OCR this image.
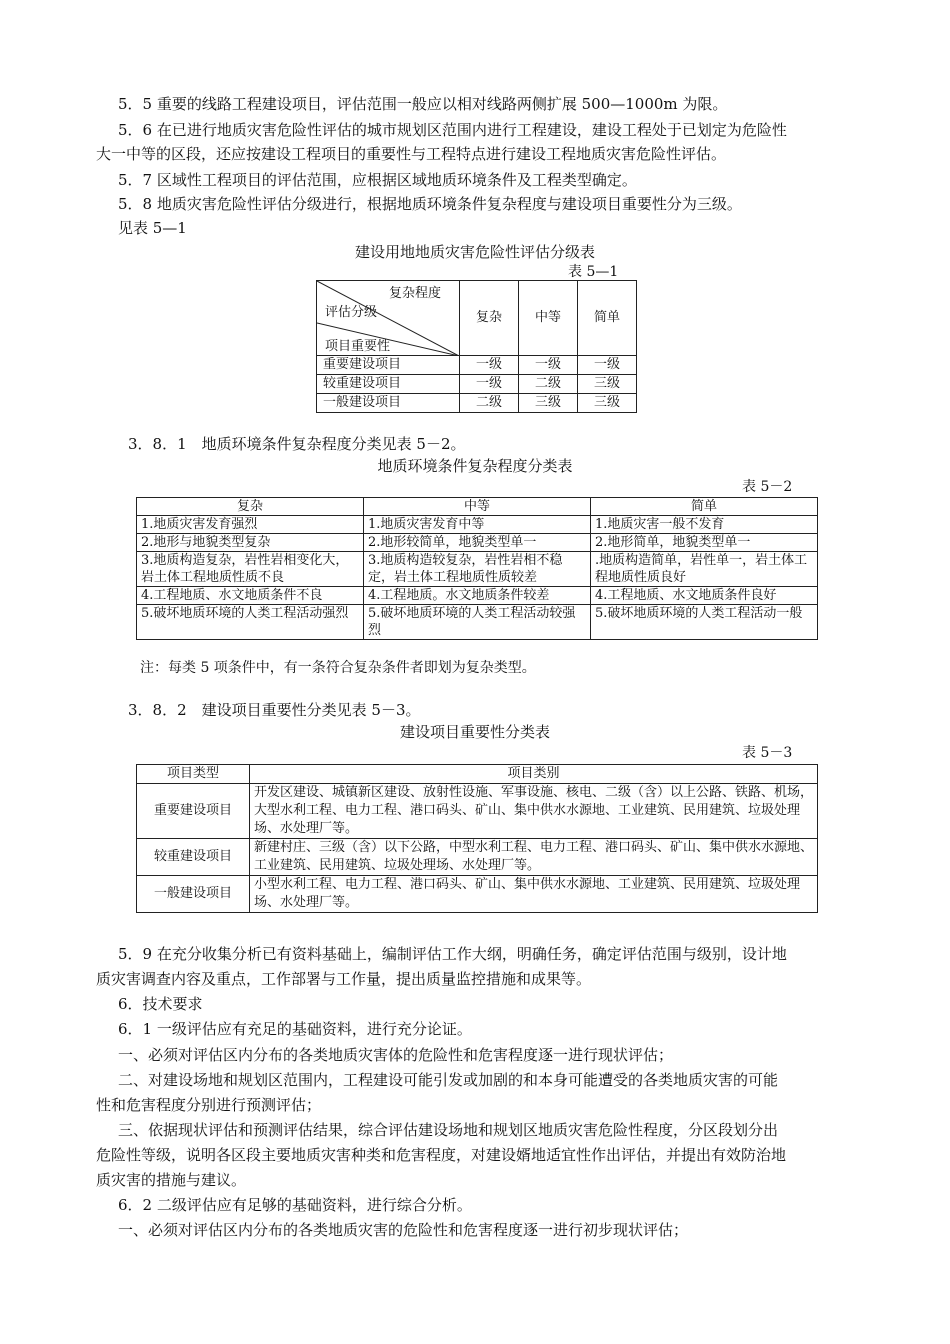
5．5 重要的线路工程建设项目，评估范围一般应以相对线路两侧扩展 500—1000m 为限。
5．6 在已进行地质灾害危险性评估的城市规划区范围内进行工程建设，建设工程处于已划定为危险性
大一中等的区段，还应按建设工程项目的重要性与工程特点进行建设工程地质灾害危险性评估。
5．7 区域性工程项目的评估范围，应根据区域地质环境条件及工程类型确定。
5．8 地质灾害危险性评估分级进行，根据地质环境条件复杂程度与建设项目重要性分为三级。
见表 5—1
建设用地地质灾害危险性评估分级表
表 5—1
复杂程度
评估分级
项目重要性	复杂	中等	简单
重要建设项目	一级	一级	一级
较重建设项目	一级	二级	三级
一般建设项目	二级	三级	三级
3．8．1　地质环境条件复杂程度分类见表 5－2。
地质环境条件复杂程度分类表
表 5－2
复杂	中等	简单
1.地质灾害发育强烈	1.地质灾害发育中等	1.地质灾害一般不发育
2.地形与地貌类型复杂	2.地形较简单，地貌类型单一	2.地形简单，地貌类型单一
3.地质构造复杂，岩性岩相变化大，岩土体工程地质性质不良	3.地质构造较复杂，岩性岩相不稳定，岩土体工程地质性质较差	.地质构造简单，岩性单一，岩土体工程地质性质良好
4.工程地质、水文地质条件不良	4.工程地质。水文地质条件较差	4.工程地质、水文地质条件良好
5.破坏地质环境的人类工程活动强烈	5.破坏地质环境的人类工程活动较强烈	5.破坏地质环境的人类工程活动一般
注：每类 5 项条件中，有一条符合复杂条件者即划为复杂类型。
3．8．2　建设项目重要性分类见表 5－3。
建设项目重要性分类表
表 5－3
项目类型	项目类别
重要建设项目	开发区建设、城镇新区建设、放射性设施、军事设施、核电、二级（含）以上公路、铁路、机场，大型水利工程、电力工程、港口码头、矿山、集中供水水源地、工业建筑、民用建筑、垃圾处理场、水处理厂等。
较重建设项目	新建村庄、三级（含）以下公路，中型水利工程、电力工程、港口码头、矿山、集中供水水源地、工业建筑、民用建筑、垃圾处理场、水处理厂等。
一般建设项目	小型水利工程、电力工程、港口码头、矿山、集中供水水源地、工业建筑、民用建筑、垃圾处理场、水处理厂等。
5．9 在充分收集分析已有资料基础上，编制评估工作大纲，明确任务，确定评估范围与级别，设计地
质灾害调查内容及重点，工作部署与工作量，提出质量监控措施和成果等。
6．技术要求
6．1 一级评估应有充足的基础资料，进行充分论证。
一、必须对评估区内分布的各类地质灾害体的危险性和危害程度逐一进行现状评估；
二、对建设场地和规划区范围内，工程建设可能引发或加剧的和本身可能遭受的各类地质灾害的可能
性和危害程度分别进行预测评估；
三、依据现状评估和预测评估结果，综合评估建设场地和规划区地质灾害危险性程度，分区段划分出
危险性等级，说明各区段主要地质灾害种类和危害程度，对建设婿地适宜性作出评估，并提出有效防治地
质灾害的措施与建议。
6．2 二级评估应有足够的基础资料，进行综合分析。
一、必须对评估区内分布的各类地质灾害的危险性和危害程度逐一进行初步现状评估；
